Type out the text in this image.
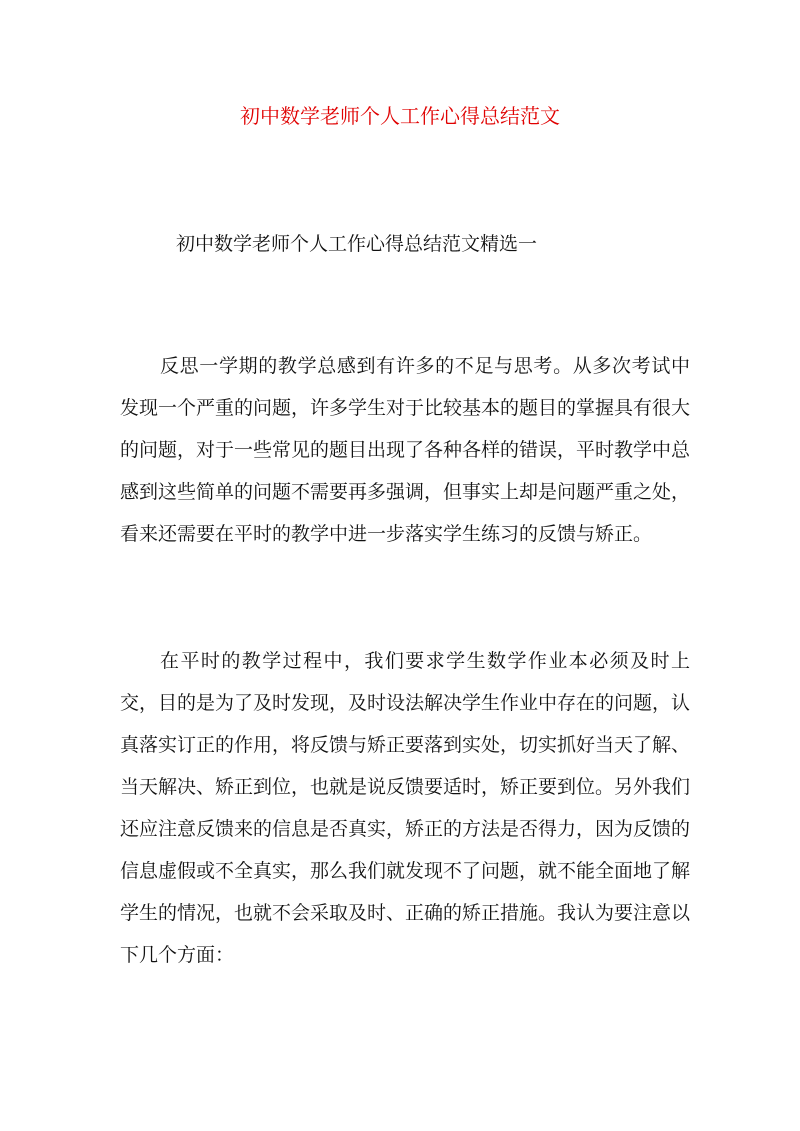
初中数学老师个人工作心得总结范文

初中数学老师个人工作心得总结范文精选一

反思一学期的教学总感到有许多的不足与思考。从多次考试中发现一个严重的问题，许多学生对于比较基本的题目的掌握具有很大的问题，对于一些常见的题目出现了各种各样的错误，平时教学中总感到这些简单的问题不需要再多强调，但事实上却是问题严重之处，看来还需要在平时的教学中进一步落实学生练习的反馈与矫正。

在平时的教学过程中，我们要求学生数学作业本必须及时上交，目的是为了及时发现，及时设法解决学生作业中存在的问题，认真落实订正的作用，将反馈与矫正要落到实处，切实抓好当天了解、当天解决、矫正到位，也就是说反馈要适时，矫正要到位。另外我们还应注意反馈来的信息是否真实，矫正的方法是否得力，因为反馈的信息虚假或不全真实，那么我们就发现不了问题，就不能全面地了解学生的情况，也就不会采取及时、正确的矫正措施。我认为要注意以下几个方面：
